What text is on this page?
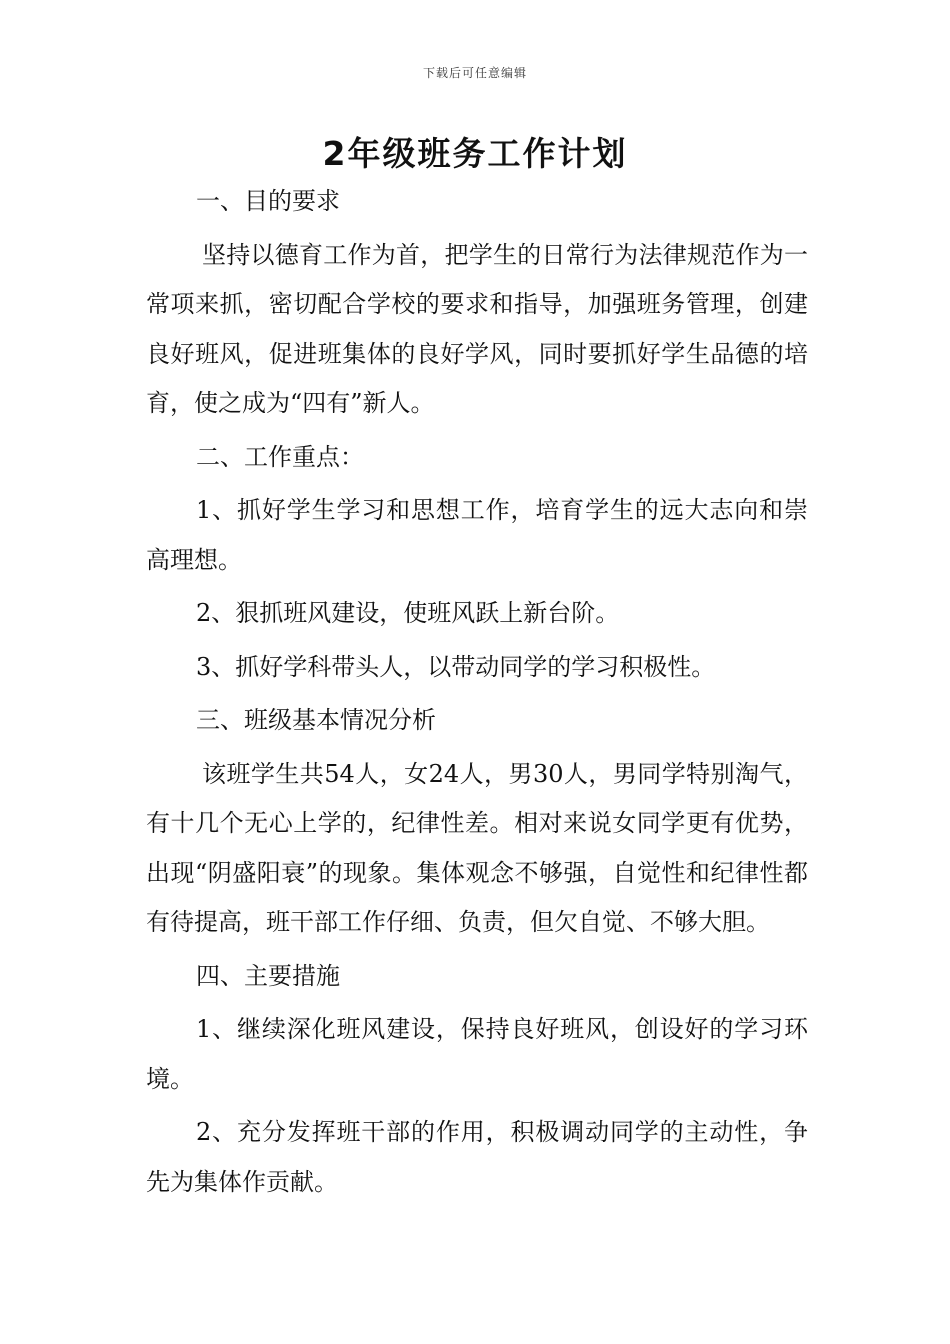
下载后可任意编辑
2年级班务工作计划

一、目的要求

坚持以德育工作为首，把学生的日常行为法律规范作为一常项来抓，密切配合学校的要求和指导，加强班务管理，创建良好班风，促进班集体的良好学风，同时要抓好学生品德的培育，使之成为“四有”新人。

二、工作重点：

1、抓好学生学习和思想工作，培育学生的远大志向和崇高理想。

2、狠抓班风建设，使班风跃上新台阶。

3、抓好学科带头人，以带动同学的学习积极性。

三、班级基本情况分析

该班学生共54人，女24人，男30人，男同学特别淘气，有十几个无心上学的，纪律性差。相对来说女同学更有优势，出现“阴盛阳衰”的现象。集体观念不够强，自觉性和纪律性都有待提高，班干部工作仔细、负责，但欠自觉、不够大胆。

四、主要措施

1、继续深化班风建设，保持良好班风，创设好的学习环境。

2、充分发挥班干部的作用，积极调动同学的主动性，争先为集体作贡献。
